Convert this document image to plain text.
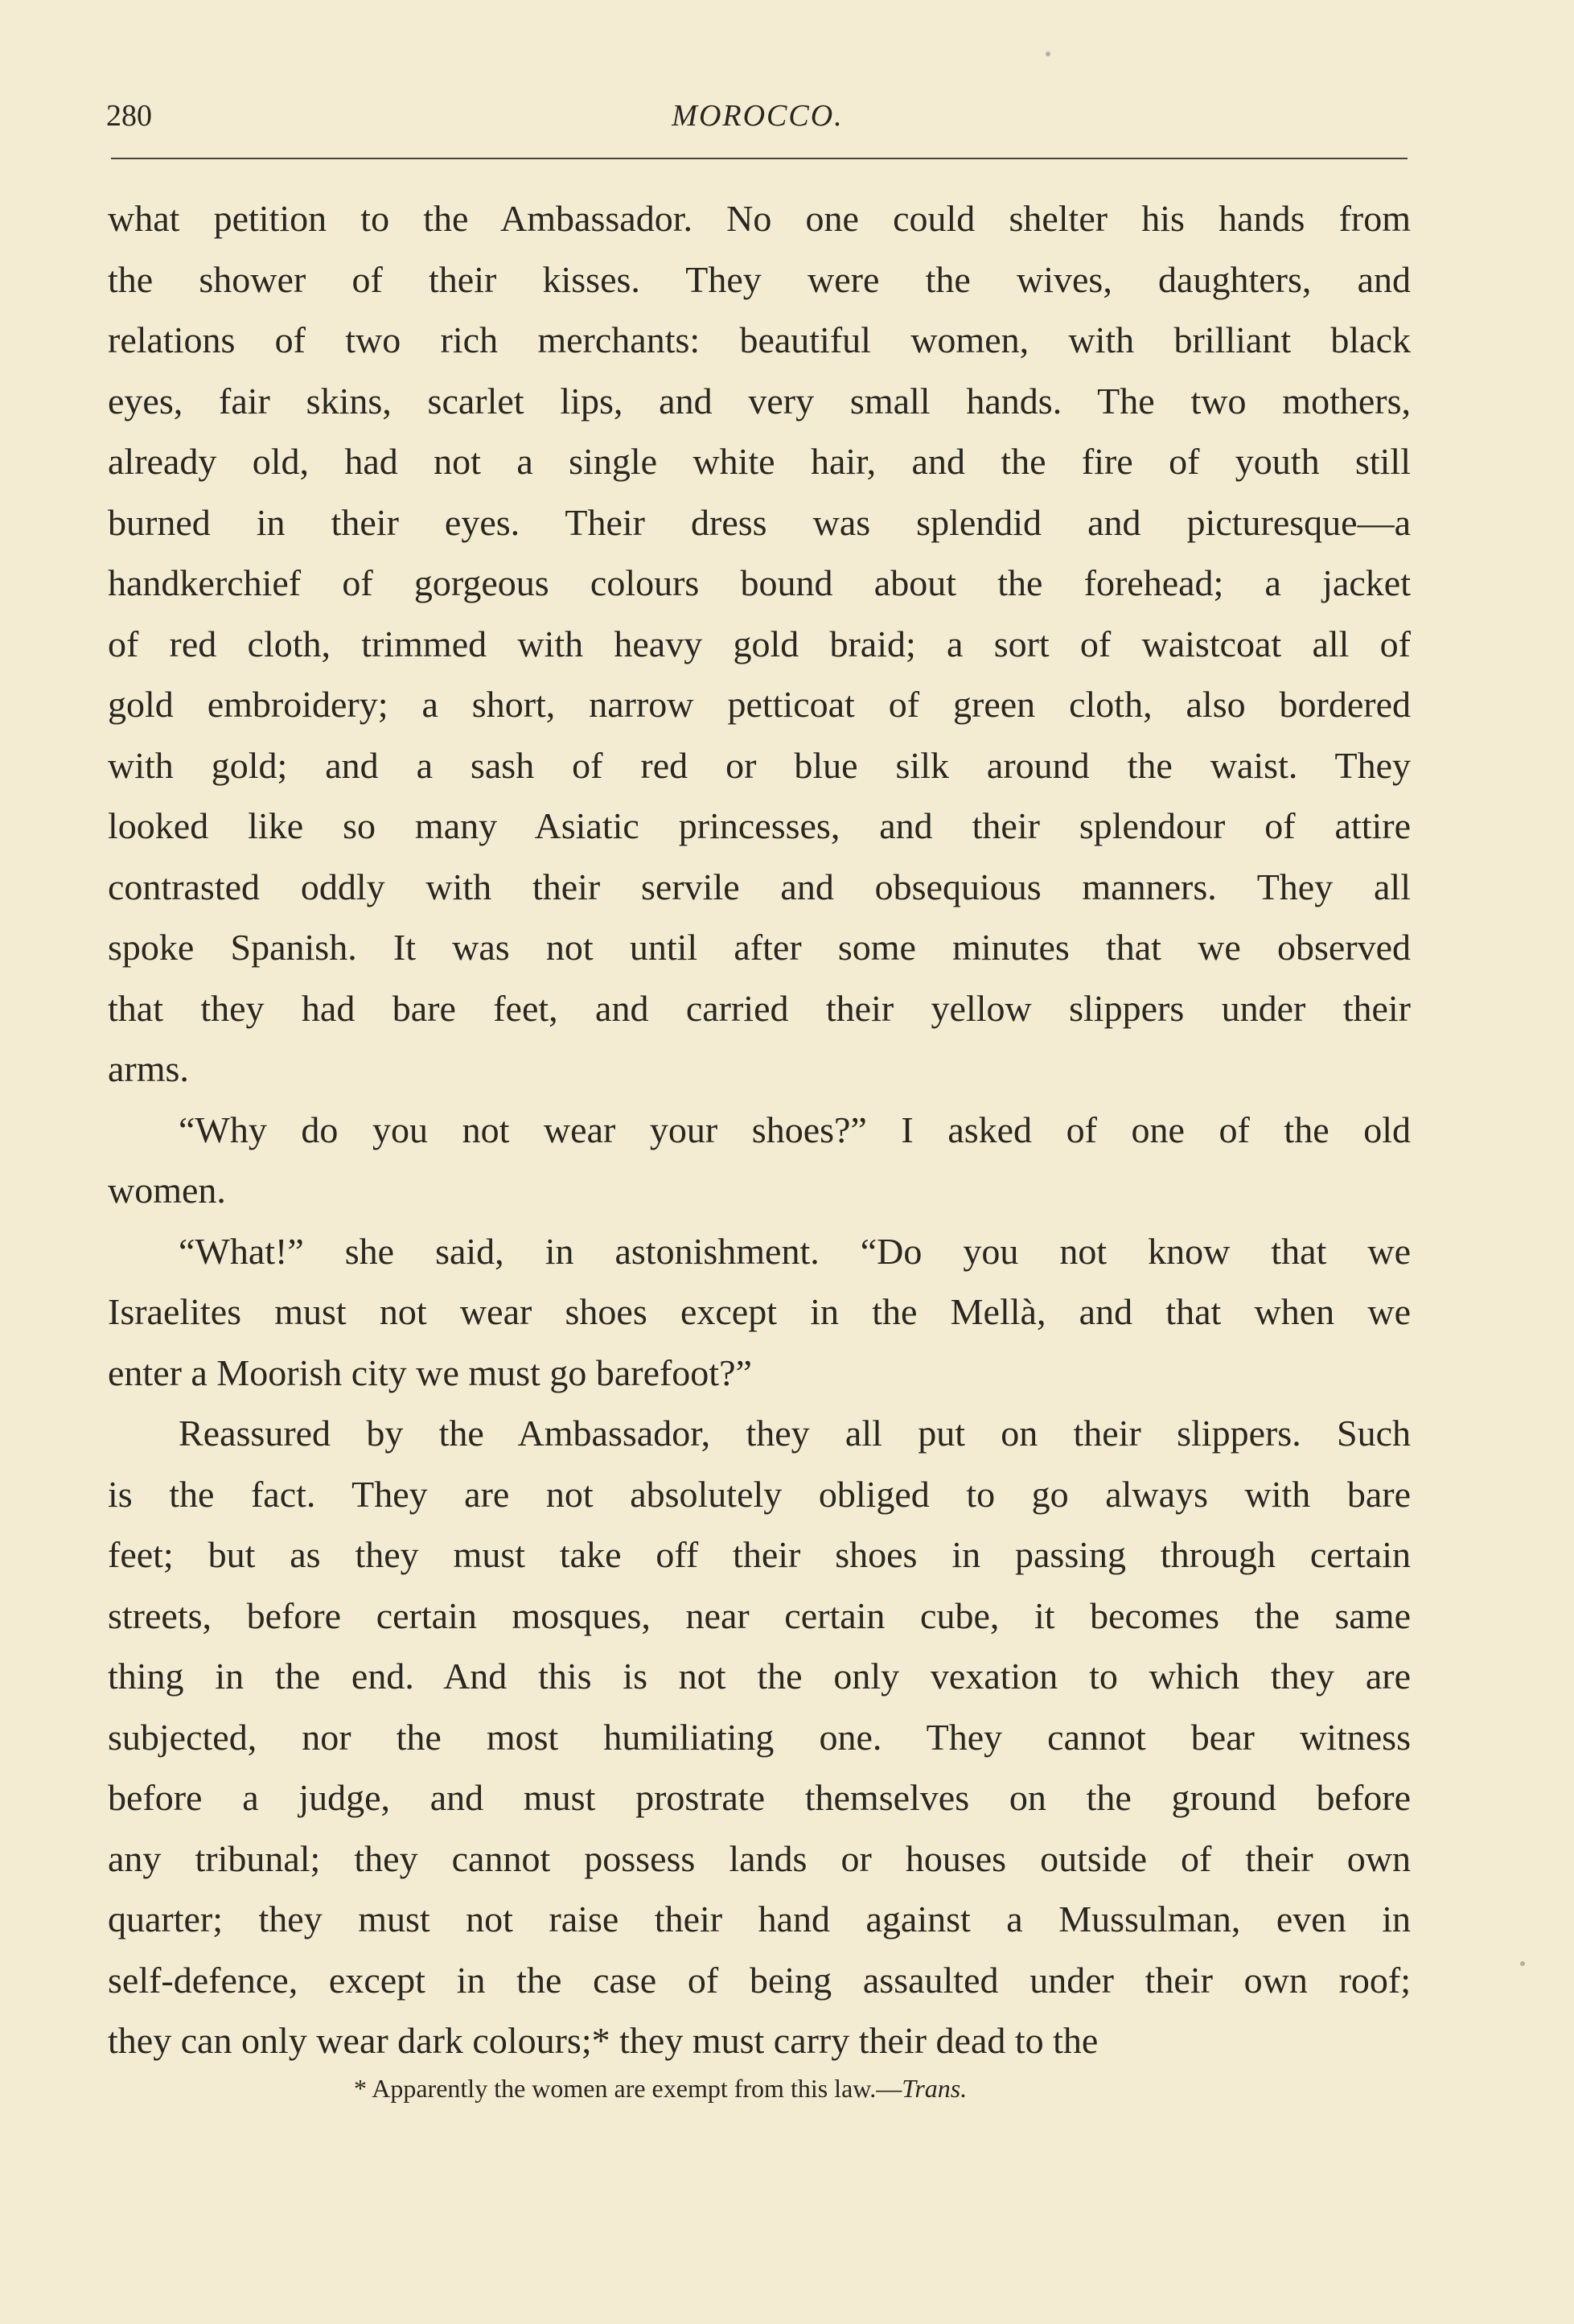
280	MOROCCO.
what petition to the Ambassador. No one could shelter his hands from
the shower of their kisses. They were the wives, daughters, and
relations of two rich merchants: beautiful women, with brilliant black
eyes, fair skins, scarlet lips, and very small hands. The two mothers,
already old, had not a single white hair, and the fire of youth still
burned in their eyes. Their dress was splendid and picturesque—a
handkerchief of gorgeous colours bound about the forehead; a jacket
of red cloth, trimmed with heavy gold braid; a sort of waistcoat all of
gold embroidery; a short, narrow petticoat of green cloth, also bordered
with gold; and a sash of red or blue silk around the waist. They
looked like so many Asiatic princesses, and their splendour of attire
contrasted oddly with their servile and obsequious manners. They all
spoke Spanish. It was not until after some minutes that we observed
that they had bare feet, and carried their yellow slippers under their
arms.
“Why do you not wear your shoes?” I asked of one of the old
women.
“What!” she said, in astonishment. “Do you not know that we
Israelites must not wear shoes except in the Mellà, and that when we
enter a Moorish city we must go barefoot?”
Reassured by the Ambassador, they all put on their slippers. Such
is the fact. They are not absolutely obliged to go always with bare
feet; but as they must take off their shoes in passing through certain
streets, before certain mosques, near certain cube, it becomes the same
thing in the end. And this is not the only vexation to which they are
subjected, nor the most humiliating one. They cannot bear witness
before a judge, and must prostrate themselves on the ground before
any tribunal; they cannot possess lands or houses outside of their own
quarter; they must not raise their hand against a Mussulman, even in
self-defence, except in the case of being assaulted under their own roof;
they can only wear dark colours;* they must carry their dead to the
* Apparently the women are exempt from this law.—Trans.
